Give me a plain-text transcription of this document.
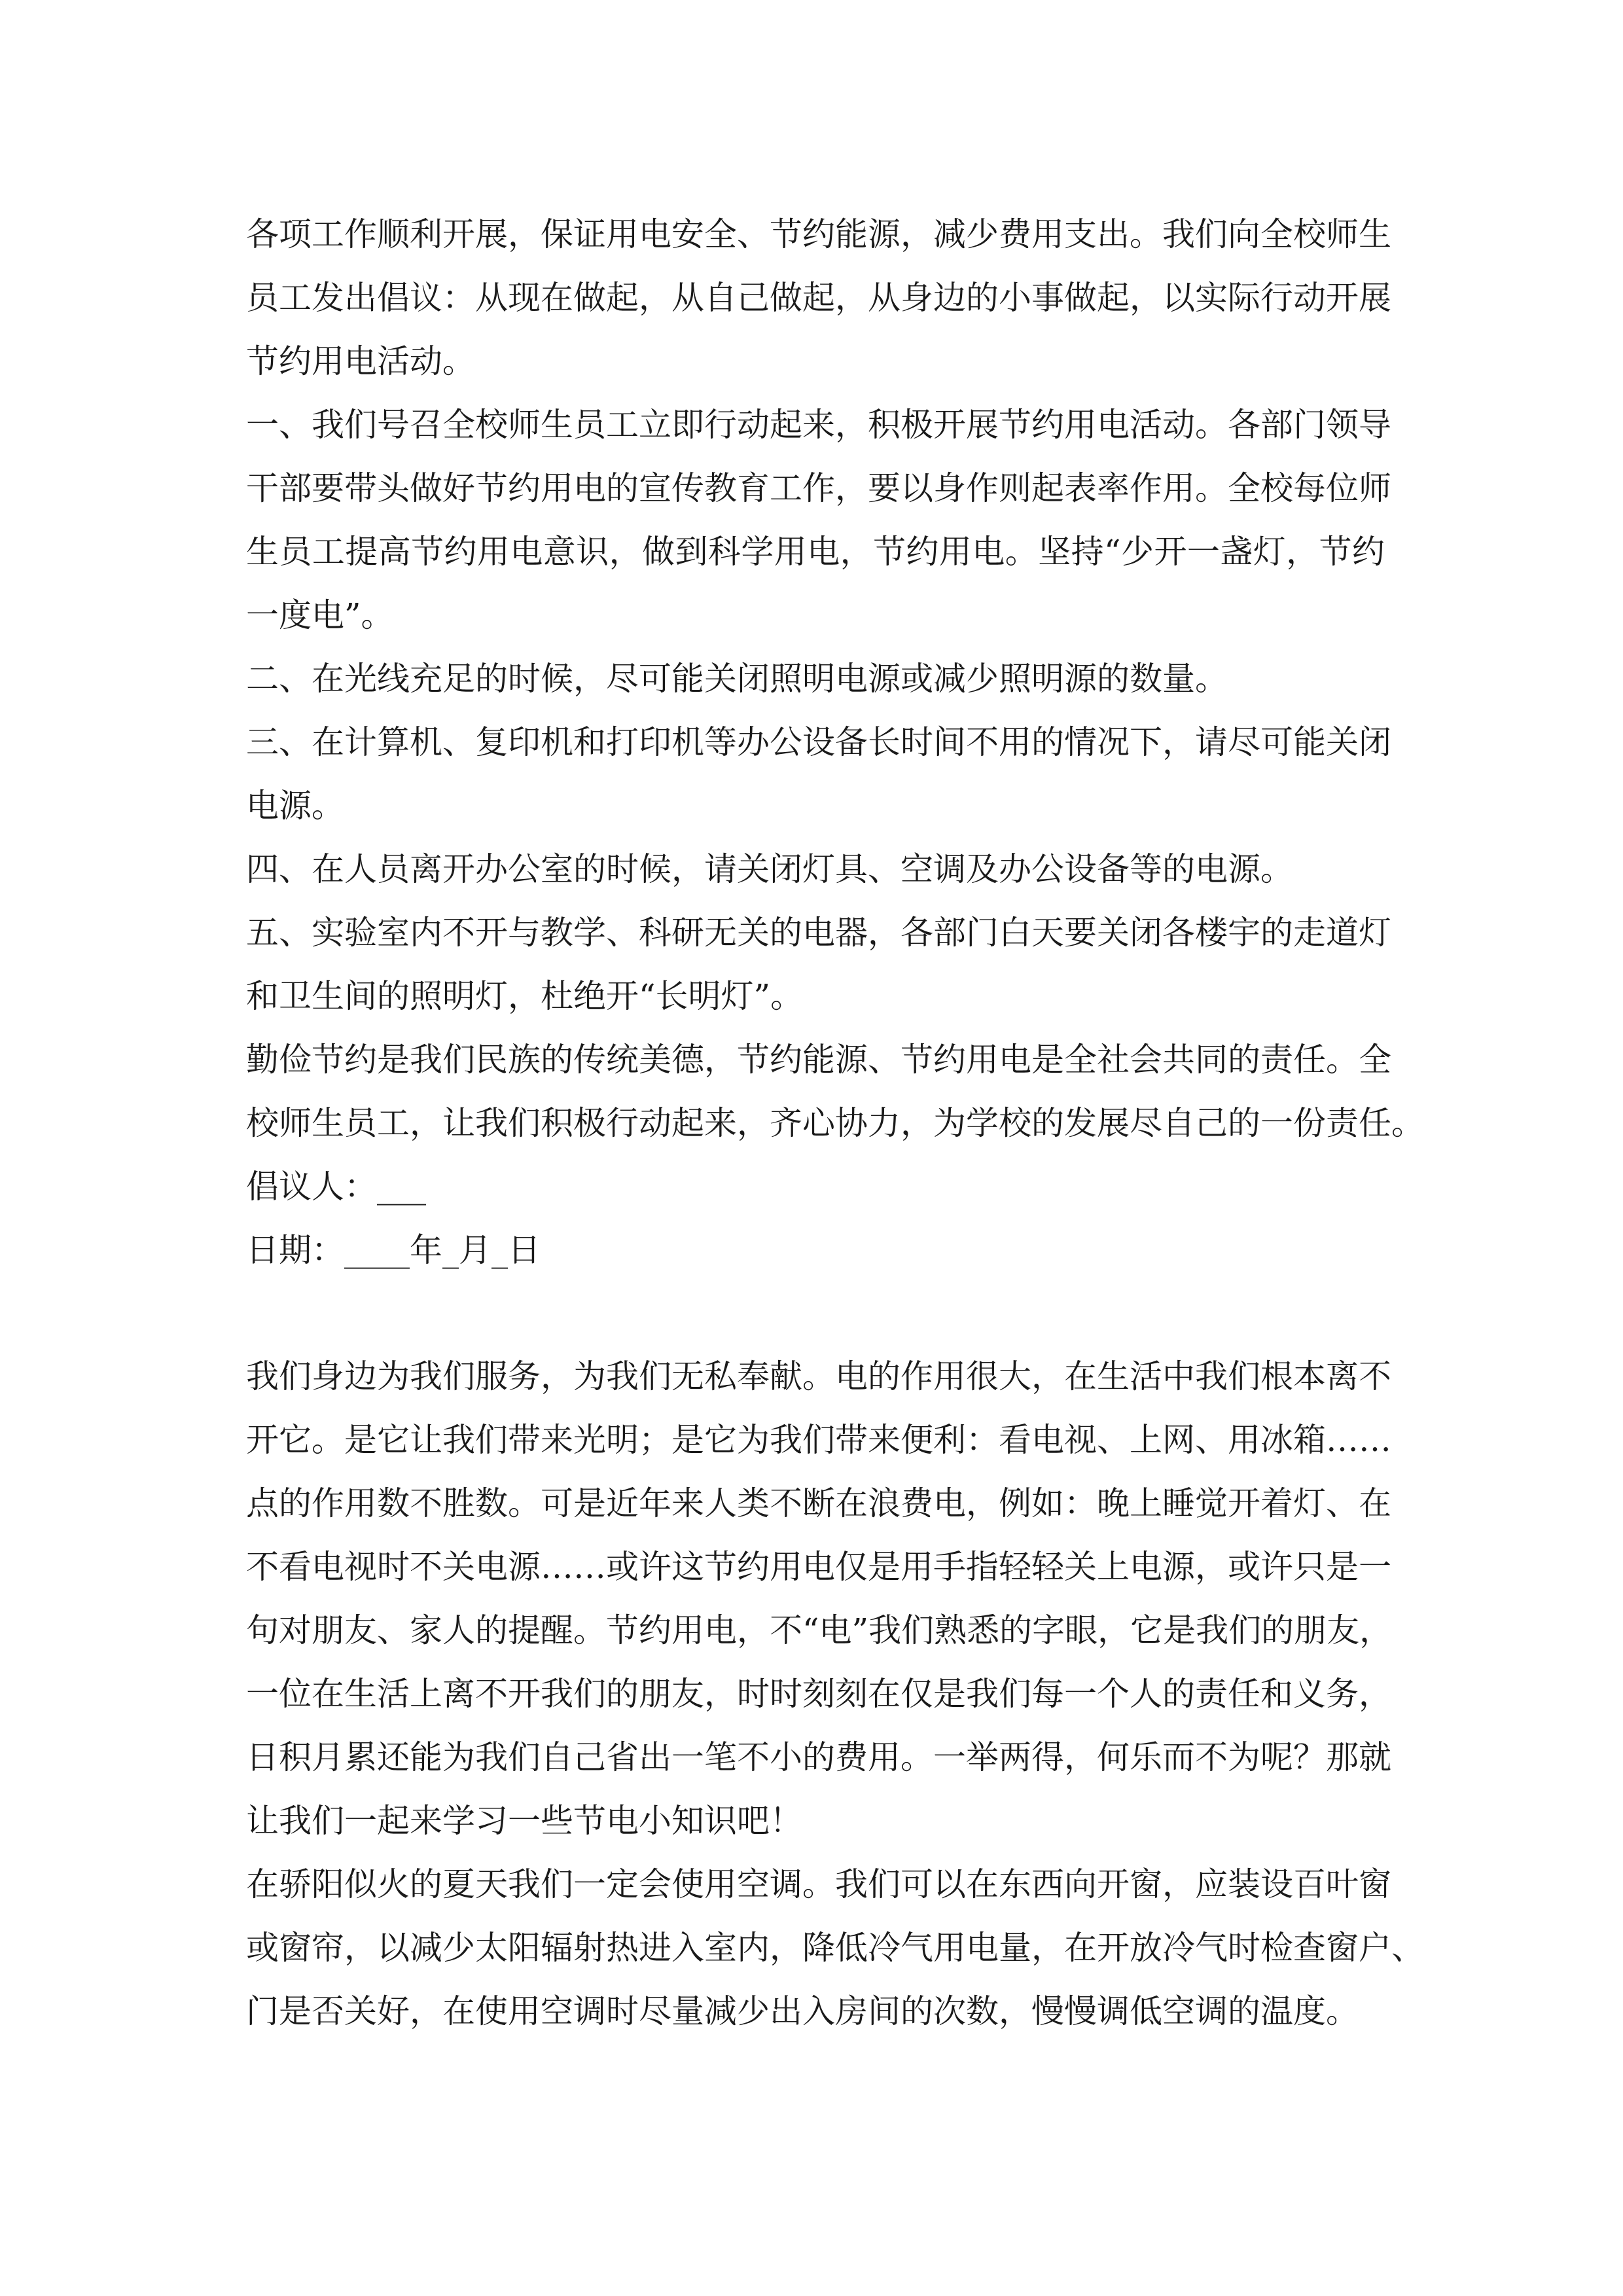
各项工作顺利开展，保证用电安全、节约能源，减少费用支出。我们向全校师生
员工发出倡议：从现在做起，从自己做起，从身边的小事做起，以实际行动开展
节约用电活动。
一、我们号召全校师生员工立即行动起来，积极开展节约用电活动。各部门领导
干部要带头做好节约用电的宣传教育工作，要以身作则起表率作用。全校每位师
生员工提高节约用电意识，做到科学用电，节约用电。坚持“少开一盏灯，节约
一度电”。
二、在光线充足的时候，尽可能关闭照明电源或减少照明源的数量。
三、在计算机、复印机和打印机等办公设备长时间不用的情况下，请尽可能关闭
电源。
四、在人员离开办公室的时候，请关闭灯具、空调及办公设备等的电源。
五、实验室内不开与教学、科研无关的电器，各部门白天要关闭各楼宇的走道灯
和卫生间的照明灯，杜绝开“长明灯”。
勤俭节约是我们民族的传统美德，节约能源、节约用电是全社会共同的责任。全
校师生员工，让我们积极行动起来，齐心协力，为学校的发展尽自己的一份责任。
倡议人：___
日期：____年_月_日
我们身边为我们服务，为我们无私奉献。电的作用很大，在生活中我们根本离不
开它。是它让我们带来光明；是它为我们带来便利：看电视、上网、用冰箱……
点的作用数不胜数。可是近年来人类不断在浪费电，例如：晚上睡觉开着灯、在
不看电视时不关电源……或许这节约用电仅是用手指轻轻关上电源，或许只是一
句对朋友、家人的提醒。节约用电，不“电”我们熟悉的字眼，它是我们的朋友，
一位在生活上离不开我们的朋友，时时刻刻在仅是我们每一个人的责任和义务，
日积月累还能为我们自己省出一笔不小的费用。一举两得，何乐而不为呢？那就
让我们一起来学习一些节电小知识吧！
在骄阳似火的夏天我们一定会使用空调。我们可以在东西向开窗，应装设百叶窗
或窗帘，以减少太阳辐射热进入室内，降低冷气用电量，在开放冷气时检查窗户、
门是否关好，在使用空调时尽量减少出入房间的次数，慢慢调低空调的温度。
